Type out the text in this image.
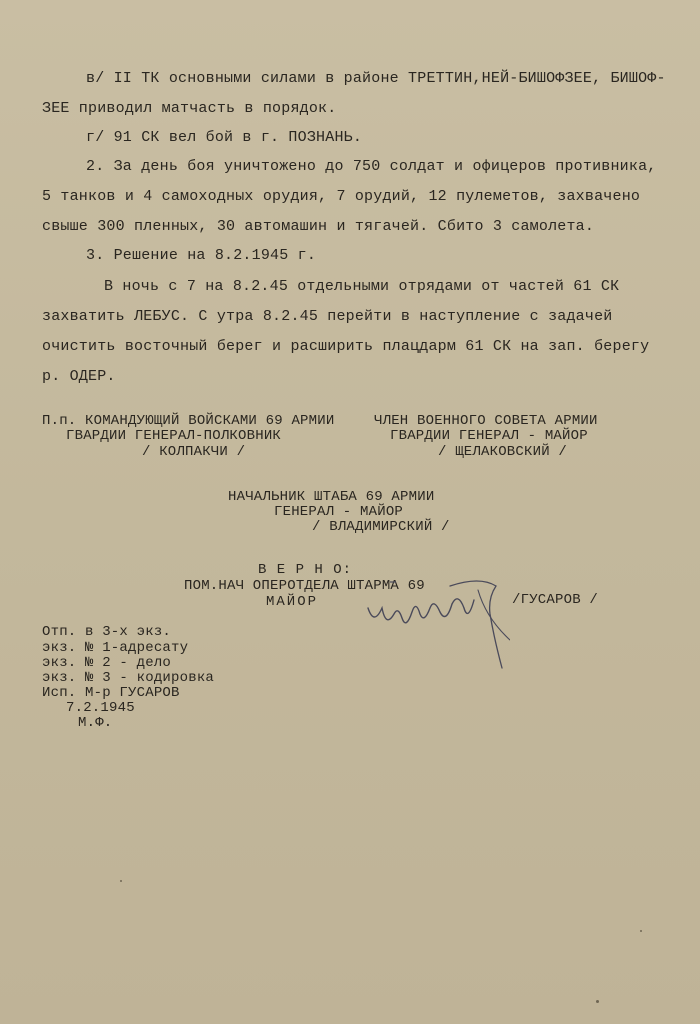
в/ II ТК основными силами в районе ТРЕТТИН,НЕЙ-БИШОФЗЕЕ, БИШОФ-
ЗЕЕ приводил матчасть в порядок.
г/ 91 СК вел бой в г. ПОЗНАНЬ.
2. За день боя уничтожено до 750 солдат и офицеров противника,
5 танков и 4 самоходных орудия, 7 орудий, 12 пулеметов, захвачено
свыше 300 пленных, 30 автомашин и тягачей. Сбито 3 самолета.
3. Решение на 8.2.1945 г.
В ночь с 7 на 8.2.45 отдельными отрядами от частей 61 СК
захватить ЛЕБУС. С утра 8.2.45 перейти в наступление с задачей
очистить восточный берег и расширить плацдарм 61 СК на зап. берегу
р. ОДЕР.
П.п. КОМАНДУЮЩИЙ ВОЙСКАМИ 69 АРМИИ
ГВАРДИИ ГЕНЕРАЛ-ПОЛКОВНИК
/ КОЛПАКЧИ /
ЧЛЕН ВОЕННОГО СОВЕТА АРМИИ
ГВАРДИИ ГЕНЕРАЛ - МАЙОР
/ ЩЕЛАКОВСКИЙ /
НАЧАЛЬНИК ШТАБА 69 АРМИИ
ГЕНЕРАЛ - МАЙОР
/ ВЛАДИМИРСКИЙ /
В Е Р Н О:
ПОМ.НАЧ ОПЕРОТДЕЛА ШТАРМА 69
МАЙОР	/ГУСАРОВ /
Отп. в 3-х экз.
экз. № 1-адресату
экз. № 2 - дело
экз. № 3 - кодировка
Исп. М-р ГУСАРОВ
7.2.1945
М.Ф.
